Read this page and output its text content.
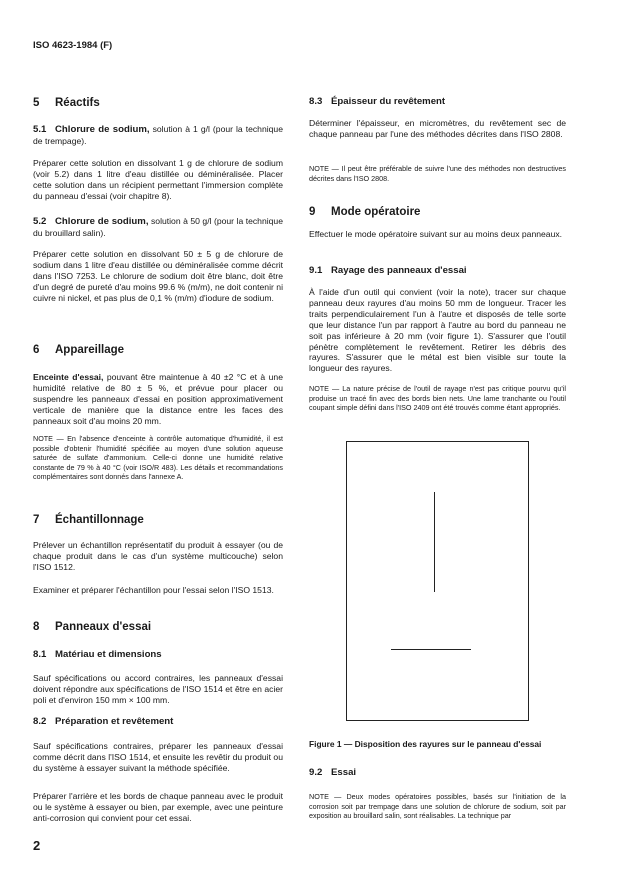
ISO 4623-1984 (F)
5 Réactifs
5.1 Chlorure de sodium, solution à 1 g/l (pour la technique de trempage).
Préparer cette solution en dissolvant 1 g de chlorure de sodium (voir 5.2) dans 1 litre d'eau distillée ou déminéralisée. Placer cette solution dans un récipient permettant l'immersion complète du panneau d'essai (voir chapitre 8).
5.2 Chlorure de sodium, solution à 50 g/l (pour la technique du brouillard salin).
Préparer cette solution en dissolvant 50 ± 5 g de chlorure de sodium dans 1 litre d'eau distillée ou déminéralisée comme décrit dans l'ISO 7253. Le chlorure de sodium doit être blanc, doit être d'un degré de pureté d'au moins 99.6 % (m/m), ne doit contenir ni cuivre ni nickel, et pas plus de 0,1 % (m/m) d'iodure de sodium.
6 Appareillage
Enceinte d'essai, pouvant être maintenue à 40 ±2 °C et à une humidité relative de 80 ± 5 %, et prévue pour placer ou suspendre les panneaux d'essai en position approximativement verticale de manière que la distance entre les faces des panneaux soit d'au moins 20 mm.
NOTE — En l'absence d'enceinte à contrôle automatique d'humidité, il est possible d'obtenir l'humidité spécifiée au moyen d'une solution aqueuse saturée de sulfate d'ammonium. Celle-ci donne une humidité relative constante de 79 % à 40 °C (voir ISO/R 483). Les détails et recommandations complémentaires sont donnés dans l'annexe A.
7 Échantillonnage
Prélever un échantillon représentatif du produit à essayer (ou de chaque produit dans le cas d'un système multicouche) selon l'ISO 1512.
Examiner et préparer l'échantillon pour l'essai selon l'ISO 1513.
8 Panneaux d'essai
8.1 Matériau et dimensions
Sauf spécifications ou accord contraires, les panneaux d'essai doivent répondre aux spécifications de l'ISO 1514 et être en acier poli et d'environ 150 mm × 100 mm.
8.2 Préparation et revêtement
Sauf spécifications contraires, préparer les panneaux d'essai comme décrit dans l'ISO 1514, et ensuite les revêtir du produit ou du système à essayer suivant la méthode spécifiée.
Préparer l'arrière et les bords de chaque panneau avec le produit ou le système à essayer ou bien, par exemple, avec une peinture anti-corrosion qui convient pour cet essai.
2
8.3 Épaisseur du revêtement
Déterminer l'épaisseur, en micromètres, du revêtement sec de chaque panneau par l'une des méthodes décrites dans l'ISO 2808.
NOTE — Il peut être préférable de suivre l'une des méthodes non destructives décrites dans l'ISO 2808.
9 Mode opératoire
Effectuer le mode opératoire suivant sur au moins deux panneaux.
9.1 Rayage des panneaux d'essai
À l'aide d'un outil qui convient (voir la note), tracer sur chaque panneau deux rayures d'au moins 50 mm de longueur. Tracer les traits perpendiculairement l'un à l'autre et disposés de telle sorte que leur distance l'un par rapport à l'autre au bord du panneau ne soit pas inférieure à 20 mm (voir figure 1). S'assurer que l'outil pénètre complètement le revêtement. Retirer les débris des rayures. S'assurer que le métal est bien visible sur toute la longueur des rayures.
NOTE — La nature précise de l'outil de rayage n'est pas critique pourvu qu'il produise un tracé fin avec des bords bien nets. Une lame tranchante ou l'outil coupant simple défini dans l'ISO 2409 ont été trouvés comme étant appropriés.
Figure 1 — Disposition des rayures sur le panneau d'essai
9.2 Essai
NOTE — Deux modes opératoires possibles, basés sur l'initiation de la corrosion soit par trempage dans une solution de chlorure de sodium, soit par exposition au brouillard salin, sont réalisables. La technique par
